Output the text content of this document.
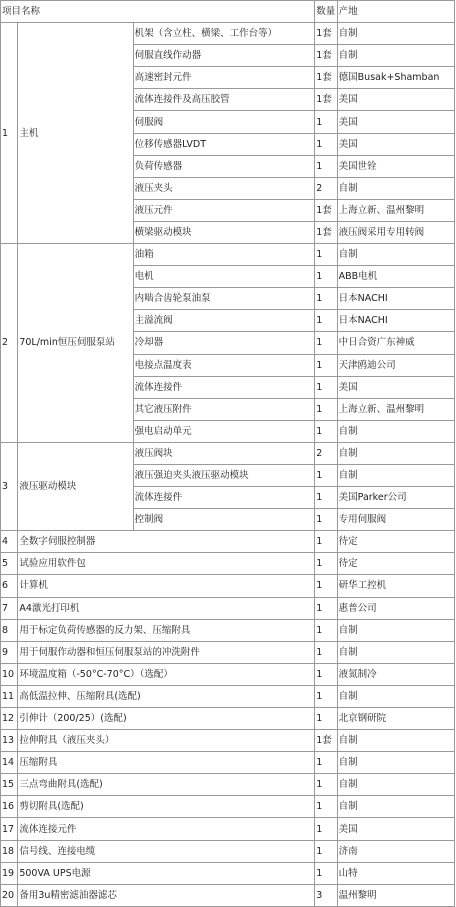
项目名称			数量	产地
1	主机	机架（含立柱、横梁、工作台等）	1套	自制
		伺服直线作动器	1套	自制
		高速密封元件	1套	德国Busak+Shamban
		流体连接件及高压胶管	1套	美国
		伺服阀	1	美国
		位移传感器LVDT	1	美国
		负荷传感器	1	美国世铨
		液压夹头	2	自制
		液压元件	1套	上海立新、温州黎明
		横梁驱动模块	1套	液压阀采用专用转阀
2	70L/min恒压伺服泵站	油箱	1	自制
		电机	1	ABB电机
		内啮合齿轮泵油泵	1	日本NACHI
		主溢流阀	1	日本NACHI
		冷却器	1	中日合资广东神威
		电接点温度表	1	天津鸥迪公司
		流体连接件	1	美国
		其它液压附件	1	上海立新、温州黎明
		强电启动单元	1	自制
3	液压驱动模块	液压阀块	2	自制
		液压强迫夹头液压驱动模块	1	自制
		流体连接件	1	美国Parker公司
		控制阀	1	专用伺服阀
4	全数字伺服控制器		1	待定
5	试验应用软件包		1	待定
6	计算机		1	研华工控机
7	A4激光打印机		1	惠普公司
8	用于标定负荷传感器的反力架、压缩附具		1	自制
9	用于伺服作动器和恒压伺服泵站的冲洗附件		1	自制
10	环境温度箱（-50°C-70°C）（选配）		1	液氮制冷
11	高低温拉伸、压缩附具(选配)		1	自制
12	引伸计（200/25）(选配)		1	北京钢研院
13	拉伸附具（液压夹头）		1套	自制
14	压缩附具		1	自制
15	三点弯曲附具(选配)		1	自制
16	剪切附具(选配)		1	自制
17	流体连接元件		1	美国
18	信号线、连接电缆		1	济南
19	500VA UPS电源		1	山特
20	备用3u精密滤油器滤芯		3	温州黎明
